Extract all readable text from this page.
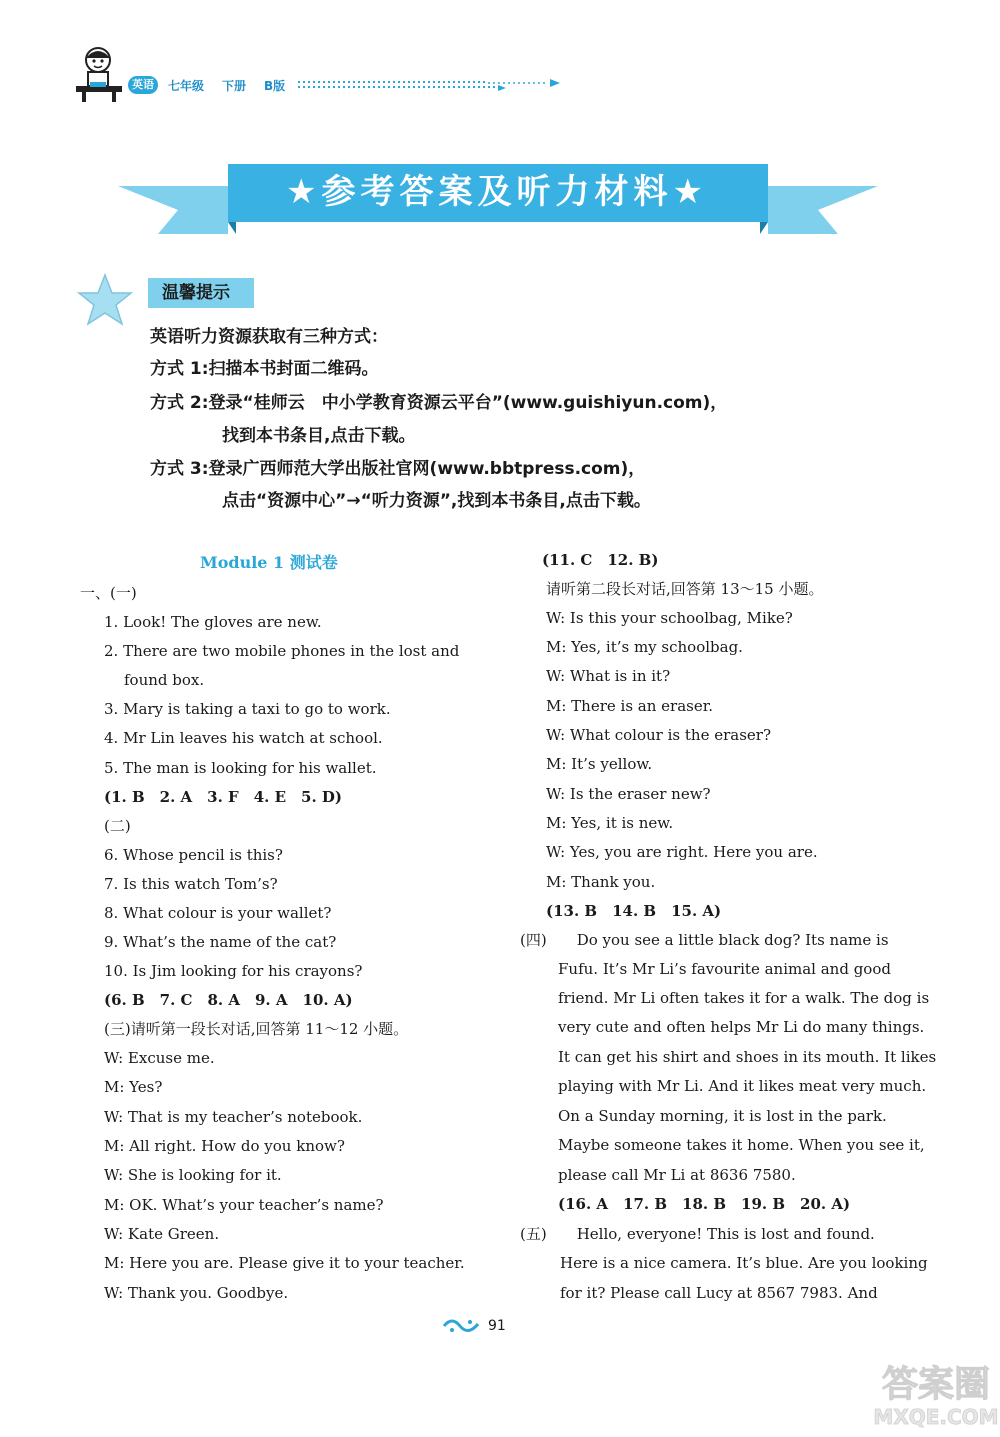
英语	七年级 下册 B版
★参考答案及听力材料★
温馨提示
英语听力资源获取有三种方式：
方式 1:扫描本书封面二维码。
方式 2:登录“桂师云　中小学教育资源云平台”(www.guishiyun.com)，
找到本书条目,点击下载。
方式 3:登录广西师范大学出版社官网(www.bbtpress.com)，
点击“资源中心”→“听力资源”,找到本书条目,点击下载。
Module 1 测试卷
一、(一)
1. Look! The gloves are new.
2. There are two mobile phones in the lost and
found box.
3. Mary is taking a taxi to go to work.
4. Mr Lin leaves his watch at school.
5. The man is looking for his wallet.
(1. B　2. A　3. F　4. E　5. D)
(二)
6. Whose pencil is this?
7. Is this watch Tom’s?
8. What colour is your wallet?
9. What’s the name of the cat?
10. Is Jim looking for his crayons?
(6. B　7. C　8. A　9. A　10. A)
(三)请听第一段长对话,回答第 11～12 小题。
W: Excuse me.
M: Yes?
W: That is my teacher’s notebook.
M: All right. How do you know?
W: She is looking for it.
M: OK. What’s your teacher’s name?
W: Kate Green.
M: Here you are. Please give it to your teacher.
W: Thank you. Goodbye.
(11. C　12. B)
请听第二段长对话,回答第 13～15 小题。
W: Is this your schoolbag, Mike?
M: Yes, it’s my schoolbag.
W: What is in it?
M: There is an eraser.
W: What colour is the eraser?
M: It’s yellow.
W: Is the eraser new?
M: Yes, it is new.
W: Yes, you are right. Here you are.
M: Thank you.
(13. B　14. B　15. A)
(四)　　Do you see a little black dog? Its name is
Fufu. It’s Mr Li’s favourite animal and good
friend. Mr Li often takes it for a walk. The dog is
very cute and often helps Mr Li do many things.
It can get his shirt and shoes in its mouth. It likes
playing with Mr Li. And it likes meat very much.
On a Sunday morning, it is lost in the park.
Maybe someone takes it home. When you see it,
please call Mr Li at 8636 7580.
(16. A　17. B　18. B　19. B　20. A)
(五)　　Hello, everyone! This is lost and found.
Here is a nice camera. It’s blue. Are you looking
for it? Please call Lucy at 8567 7983. And
91
答案圈
MXQE.COM
